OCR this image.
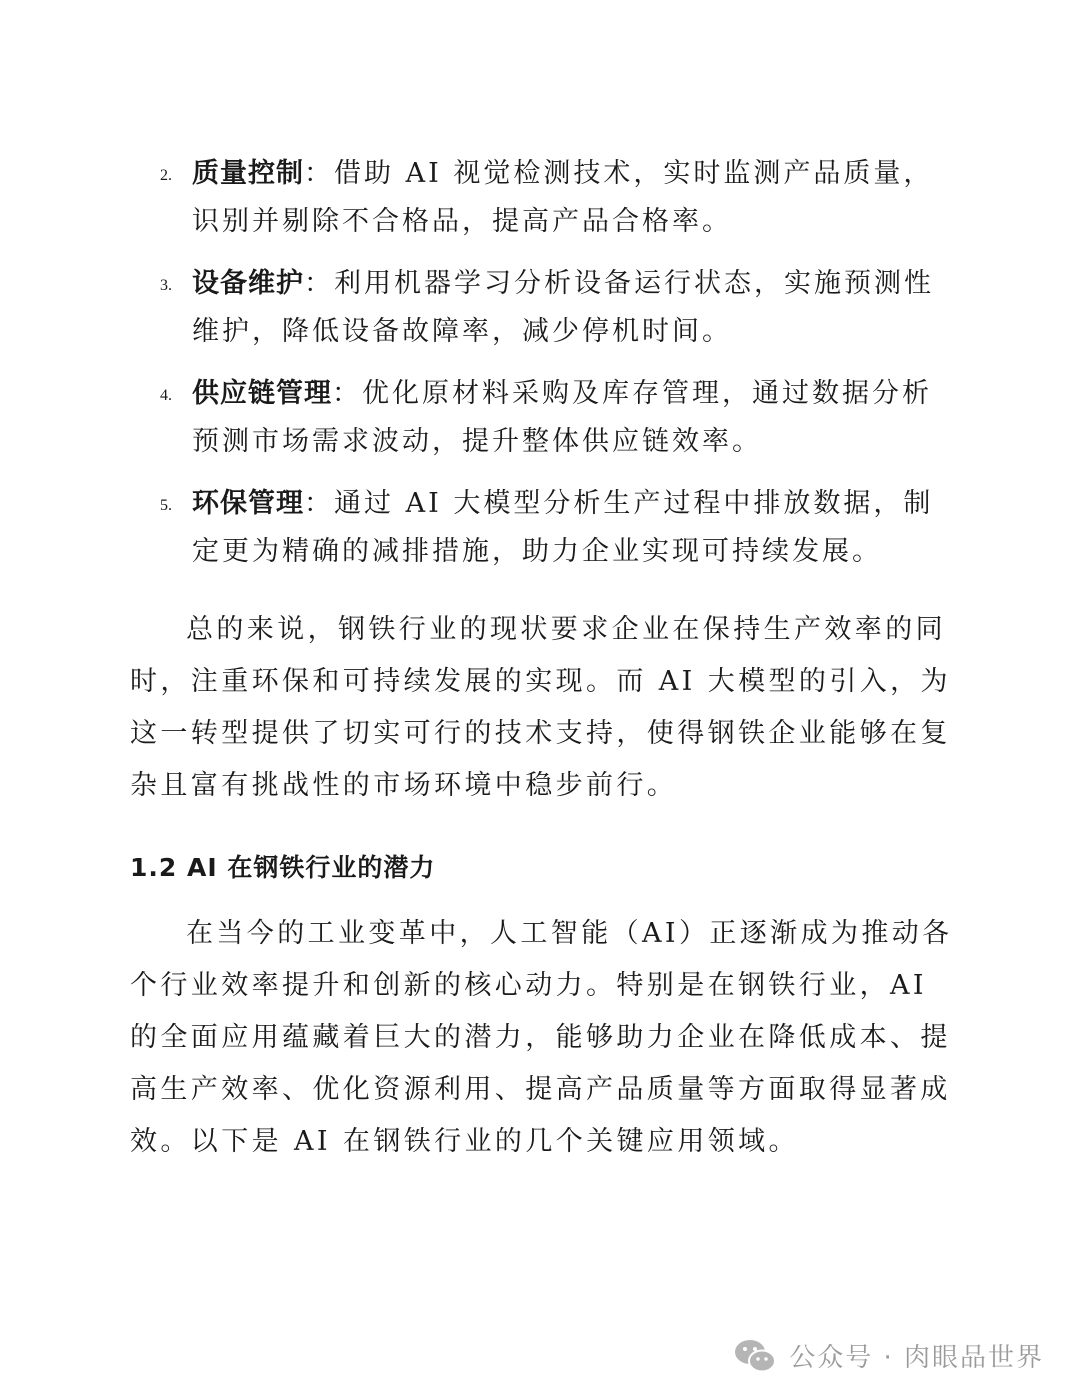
2. 质量控制：借助 AI 视觉检测技术，实时监测产品质量，识别并剔除不合格品，提高产品合格率。
3. 设备维护：利用机器学习分析设备运行状态，实施预测性维护，降低设备故障率，减少停机时间。
4. 供应链管理：优化原材料采购及库存管理，通过数据分析预测市场需求波动，提升整体供应链效率。
5. 环保管理：通过 AI 大模型分析生产过程中排放数据，制定更为精确的减排措施，助力企业实现可持续发展。

总的来说，钢铁行业的现状要求企业在保持生产效率的同时，注重环保和可持续发展的实现。而 AI 大模型的引入，为这一转型提供了切实可行的技术支持，使得钢铁企业能够在复杂且富有挑战性的市场环境中稳步前行。

1.2 AI 在钢铁行业的潜力

在当今的工业变革中，人工智能（AI）正逐渐成为推动各个行业效率提升和创新的核心动力。特别是在钢铁行业，AI 的全面应用蕴藏着巨大的潜力，能够助力企业在降低成本、提高生产效率、优化资源利用、提高产品质量等方面取得显著成效。以下是 AI 在钢铁行业的几个关键应用领域。

公众号 · 肉眼品世界
